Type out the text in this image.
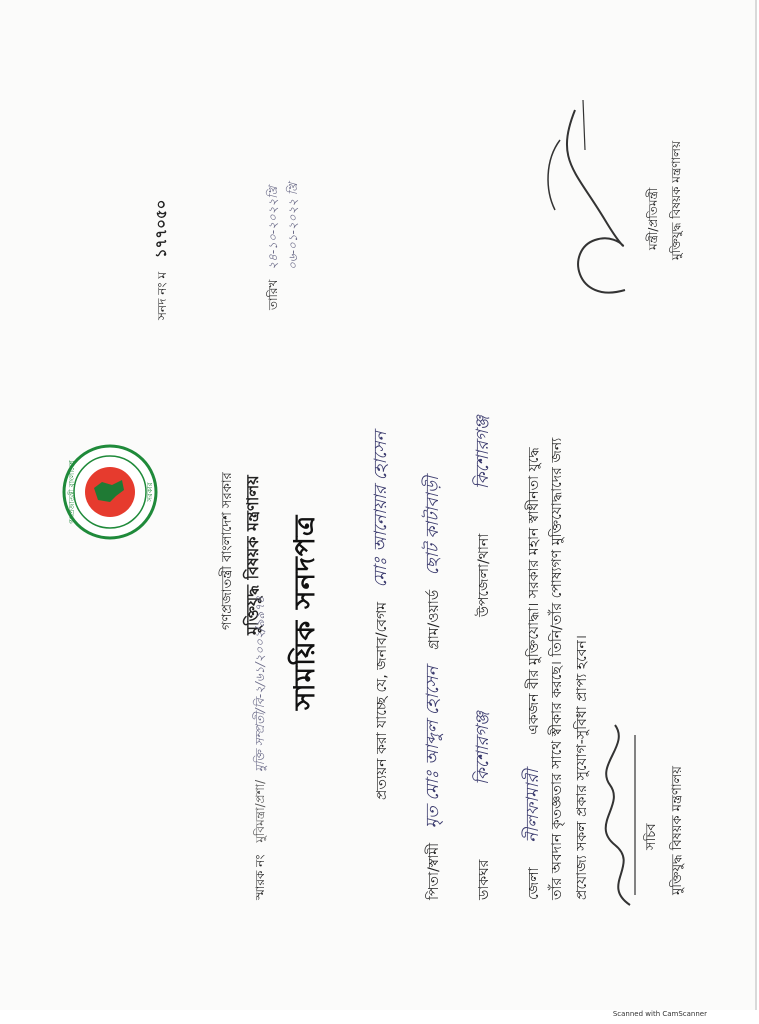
গণপ্রজাতন্ত্রী বাংলাদেশ সরকার মুক্তিযুদ্ধ বিষয়ক মন্ত্রণালয় সাময়িক সনদপত্র
গণপ্রজাতন্ত্রী বাংলাদেশ	সরকার
সনদ নং ম ১৭৭০৫০
স্মারক নং মুবিমন্ত্রা/প্রশা/ মুক্তি সম্প্রতী/বি-২/৬১/২০০২/৯৯৭৪
তারিখ ২৪-১০-২০২২খ্রি ০৬-০১-২০২২ খ্রি
প্রত্যয়ন করা যাচ্ছে যে, জনাব/বেগম মোঃ আনোয়ার হোসেন
পিতা/স্বামী মৃত মোঃ আব্দুল হোসেন গ্রাম/ওয়ার্ড ছোট কাটাবাড়ী
ডাকঘর কিশোরগঞ্জ উপজেলা/থানা কিশোরগঞ্জ
জেলা নীলফামারী একজন বীর মুক্তিযোদ্ধা। সরকার মহান স্বাধীনতা যুদ্ধে তাঁর অবদান কৃতজ্ঞতার সাথে স্বীকার করছে। তিনি/তাঁর পোষ্যগণ মুক্তিযোদ্ধাদের জন্য প্রযোজ্য সকল প্রকার সুযোগ-সুবিধা প্রাপ্য হবেন।	সচিব মুক্তিযুদ্ধ বিষয়ক মন্ত্রণালয়
মন্ত্রী/প্রতিমন্ত্রী মুক্তিযুদ্ধ বিষয়ক মন্ত্রণালয়
Scanned with CamScanner
